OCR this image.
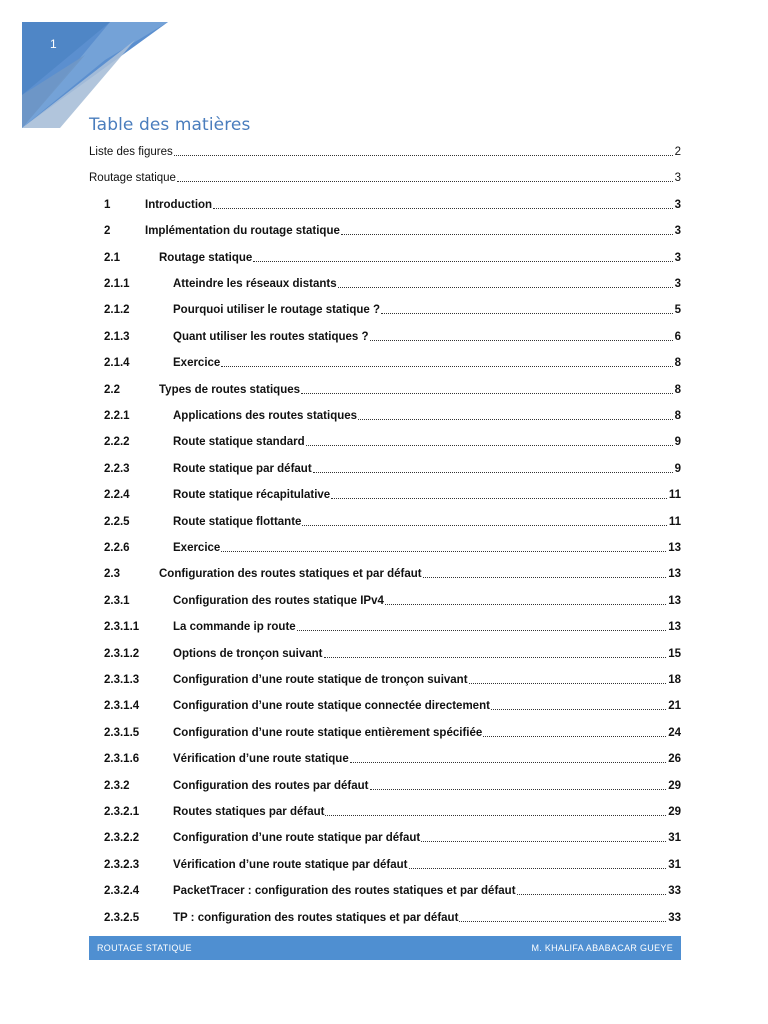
1
Table des matières
Liste des figures	2
Routage statique	3
1	Introduction	3
2	Implémentation du routage statique	3
2.1	Routage statique	3
2.1.1	Atteindre les réseaux distants	3
2.1.2	Pourquoi utiliser le routage statique ?	5
2.1.3	Quant utiliser les routes statiques ?	6
2.1.4	Exercice	8
2.2	Types de routes statiques	8
2.2.1	Applications des routes statiques	8
2.2.2	Route statique standard	9
2.2.3	Route statique par défaut	9
2.2.4	Route statique récapitulative	11
2.2.5	Route statique flottante	11
2.2.6	Exercice	13
2.3	Configuration des routes statiques et par défaut	13
2.3.1	Configuration des routes statique IPv4	13
2.3.1.1	La commande ip route	13
2.3.1.2	Options de tronçon suivant	15
2.3.1.3	Configuration d’une route statique de tronçon suivant	18
2.3.1.4	Configuration d’une route statique connectée directement	21
2.3.1.5	Configuration d’une route statique entièrement spécifiée	24
2.3.1.6	Vérification d’une route statique	26
2.3.2	Configuration des routes par défaut	29
2.3.2.1	Routes statiques par défaut	29
2.3.2.2	Configuration d’une route statique par défaut	31
2.3.2.3	Vérification d’une route statique par défaut	31
2.3.2.4	PacketTracer : configuration des routes statiques et par défaut	33
2.3.2.5	TP : configuration des routes statiques et par défaut	33
ROUTAGE STATIQUE	M. KHALIFA ABABACAR GUEYE
